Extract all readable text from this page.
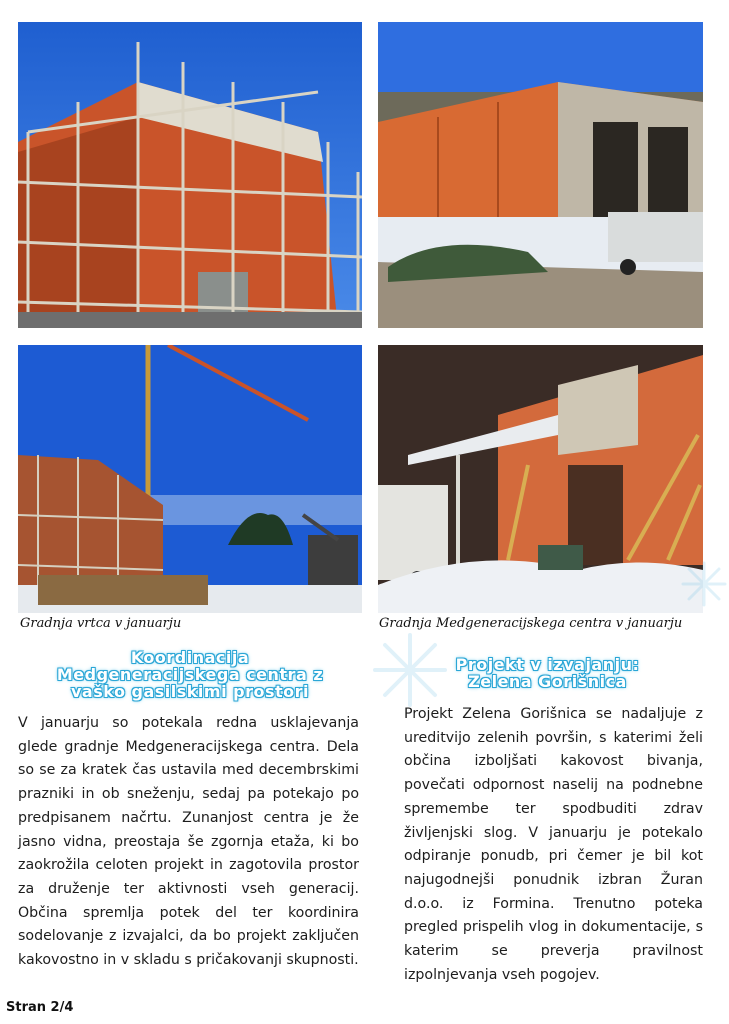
Gradnja vrtca v januarju	Gradnja Medgeneracijskega centra v januarju
Koordinacija
Medgeneracijskega centra z
vaško gasilskimi prostori
V januarju so potekala redna usklajevanja glede gradnje Medgeneracijskega centra. Dela so se za kratek čas ustavila med decembrskimi prazniki in ob sneženju, sedaj pa potekajo po predpisanem načrtu. Zunanjost centra je že jasno vidna, preostaja še zgornja etaža, ki bo zaokrožila celoten projekt in zagotovila prostor za druženje ter aktivnosti vseh generacij. Občina spremlja potek del ter koordinira sodelovanje z izvajalci, da bo projekt zaključen kakovostno in v skladu s pričakovanji skupnosti.
Projekt v izvajanju:
Zelena Gorišnica
Projekt Zelena Gorišnica se nadaljuje z ureditvijo zelenih površin, s katerimi želi občina izboljšati kakovost bivanja, povečati odpornost naselij na podnebne spremembe ter spodbuditi zdrav življenjski slog. V januarju je potekalo odpiranje ponudb, pri čemer je bil kot najugodnejši ponudnik izbran Žuran d.o.o. iz Formina. Trenutno poteka pregled prispelih vlog in dokumentacije, s katerim se preverja pravilnost izpolnjevanja vseh pogojev.
Stran 2/4
